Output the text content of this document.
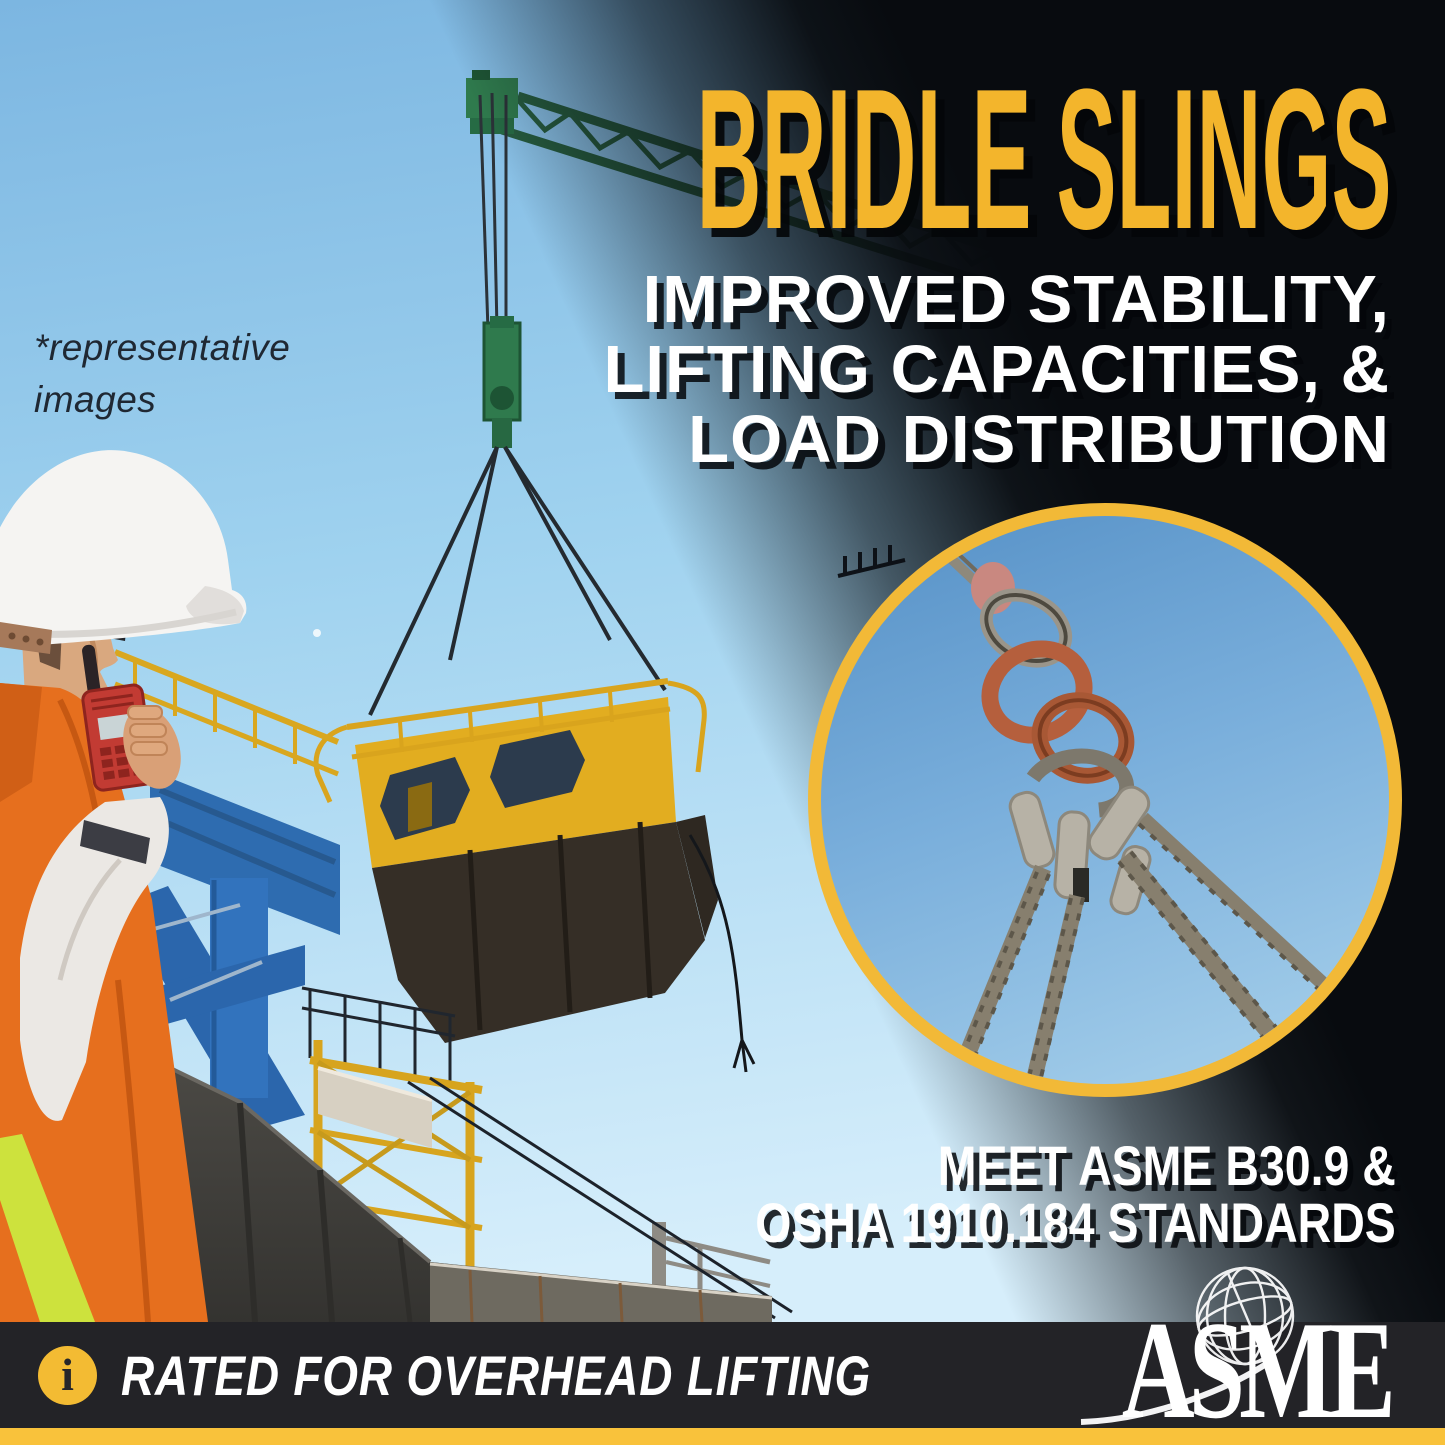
BRIDLE SLINGS
IMPROVED STABILITY,
LIFTING CAPACITIES, &
LOAD DISTRIBUTION
*representative
images
MEET ASME B30.9 &
OSHA 1910.184 STANDARDS
i RATED FOR OVERHEAD LIFTING ASME
